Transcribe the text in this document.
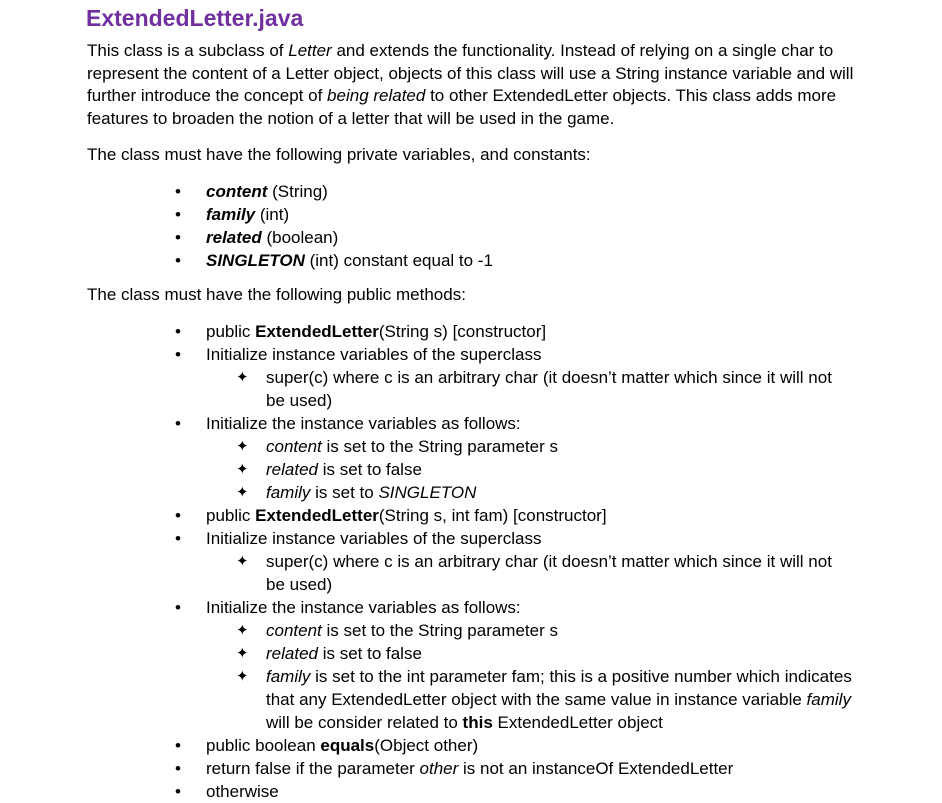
ExtendedLetter.java
This class is a subclass of Letter and extends the functionality. Instead of relying on a single char to represent the content of a Letter object, objects of this class will use a String instance variable and will further introduce the concept of being related to other ExtendedLetter objects. This class adds more features to broaden the notion of a letter that will be used in the game.
The class must have the following private variables, and constants:
• content (String)
• family (int)
• related (boolean)
• SINGLETON (int) constant equal to -1
The class must have the following public methods:
• public ExtendedLetter(String s) [constructor]
• Initialize instance variables of the superclass
✦ super(c) where c is an arbitrary char (it doesn’t matter which since it will not be used)
• Initialize the instance variables as follows:
✦ content is set to the String parameter s
✦ related is set to false
✦ family is set to SINGLETON
• public ExtendedLetter(String s, int fam) [constructor]
• Initialize instance variables of the superclass
✦ super(c) where c is an arbitrary char (it doesn’t matter which since it will not be used)
• Initialize the instance variables as follows:
✦ content is set to the String parameter s
✦ related is set to false
✦ family is set to the int parameter fam; this is a positive number which indicates that any ExtendedLetter object with the same value in instance variable family will be consider related to this ExtendedLetter object
• public boolean equals(Object other)
• return false if the parameter other is not an instanceOf ExtendedLetter
• otherwise
